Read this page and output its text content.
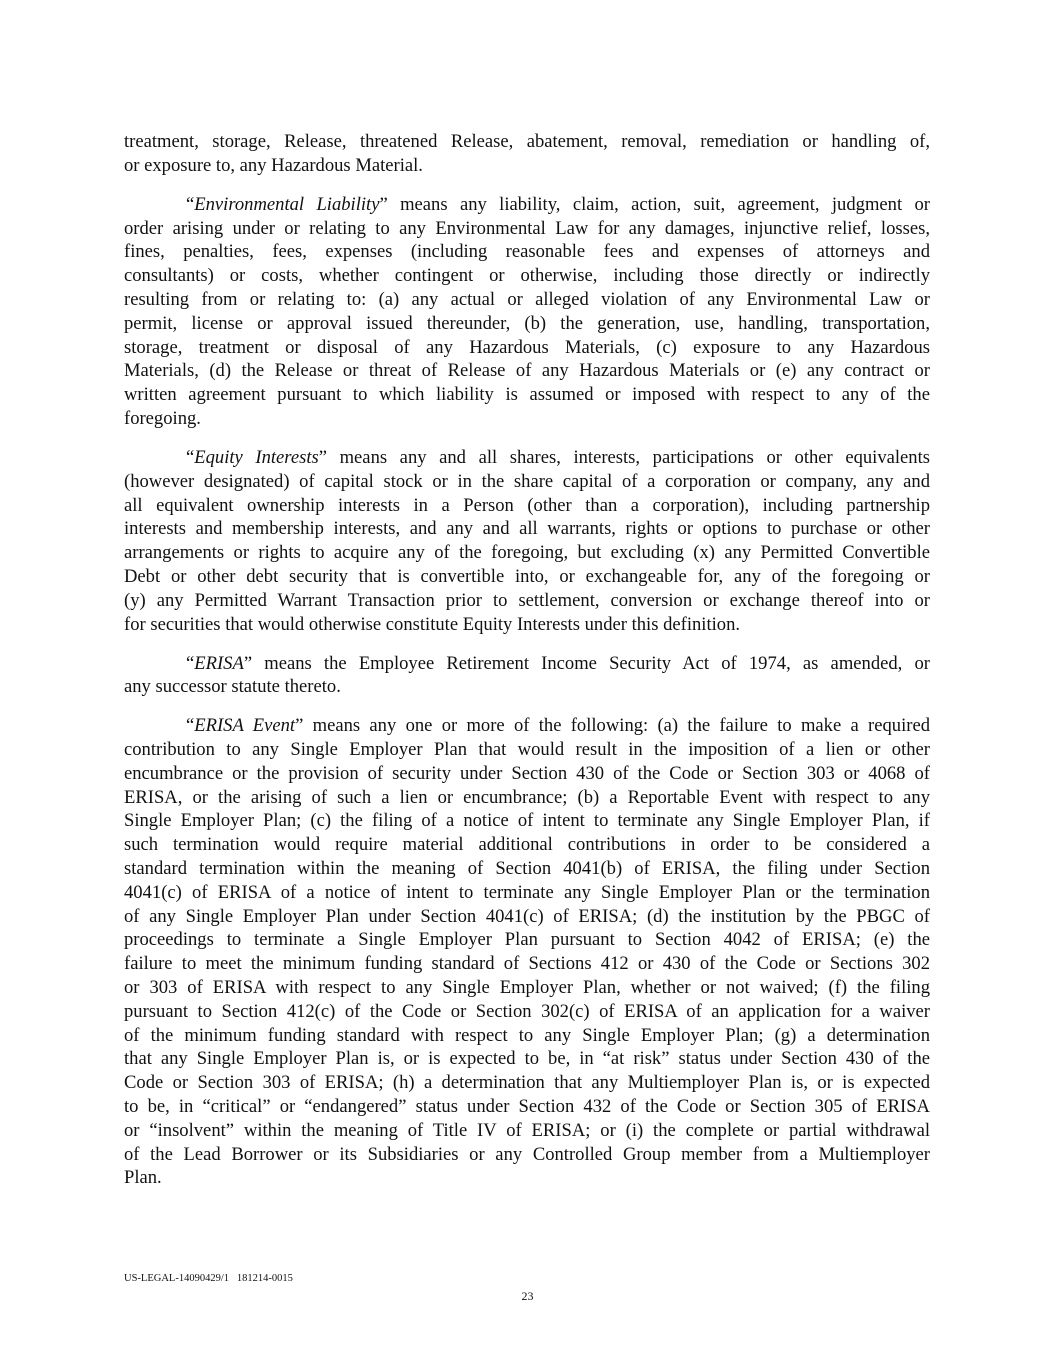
treatment, storage, Release, threatened Release, abatement, removal, remediation or handling of,
or exposure to, any Hazardous Material.
“Environmental Liability” means any liability, claim, action, suit, agreement, judgment or
order arising under or relating to any Environmental Law for any damages, injunctive relief, losses,
fines, penalties, fees, expenses (including reasonable fees and expenses of attorneys and
consultants) or costs, whether contingent or otherwise, including those directly or indirectly
resulting from or relating to: (a) any actual or alleged violation of any Environmental Law or
permit, license or approval issued thereunder, (b) the generation, use, handling, transportation,
storage, treatment or disposal of any Hazardous Materials, (c) exposure to any Hazardous
Materials, (d) the Release or threat of Release of any Hazardous Materials or (e) any contract or
written agreement pursuant to which liability is assumed or imposed with respect to any of the
foregoing.
“Equity Interests” means any and all shares, interests, participations or other equivalents
(however designated) of capital stock or in the share capital of a corporation or company, any and
all equivalent ownership interests in a Person (other than a corporation), including partnership
interests and membership interests, and any and all warrants, rights or options to purchase or other
arrangements or rights to acquire any of the foregoing, but excluding (x) any Permitted Convertible
Debt or other debt security that is convertible into, or exchangeable for, any of the foregoing or
(y) any Permitted Warrant Transaction prior to settlement, conversion or exchange thereof into or
for securities that would otherwise constitute Equity Interests under this definition.
“ERISA” means the Employee Retirement Income Security Act of 1974, as amended, or
any successor statute thereto.
“ERISA Event” means any one or more of the following: (a) the failure to make a required
contribution to any Single Employer Plan that would result in the imposition of a lien or other
encumbrance or the provision of security under Section 430 of the Code or Section 303 or 4068 of
ERISA, or the arising of such a lien or encumbrance; (b) a Reportable Event with respect to any
Single Employer Plan; (c) the filing of a notice of intent to terminate any Single Employer Plan, if
such termination would require material additional contributions in order to be considered a
standard termination within the meaning of Section 4041(b) of ERISA, the filing under Section
4041(c) of ERISA of a notice of intent to terminate any Single Employer Plan or the termination
of any Single Employer Plan under Section 4041(c) of ERISA; (d) the institution by the PBGC of
proceedings to terminate a Single Employer Plan pursuant to Section 4042 of ERISA; (e) the
failure to meet the minimum funding standard of Sections 412 or 430 of the Code or Sections 302
or 303 of ERISA with respect to any Single Employer Plan, whether or not waived; (f) the filing
pursuant to Section 412(c) of the Code or Section 302(c) of ERISA of an application for a waiver
of the minimum funding standard with respect to any Single Employer Plan; (g) a determination
that any Single Employer Plan is, or is expected to be, in “at risk” status under Section 430 of the
Code or Section 303 of ERISA; (h) a determination that any Multiemployer Plan is, or is expected
to be, in “critical” or “endangered” status under Section 432 of the Code or Section 305 of ERISA
or “insolvent” within the meaning of Title IV of ERISA; or (i) the complete or partial withdrawal
of the Lead Borrower or its Subsidiaries or any Controlled Group member from a Multiemployer
Plan.
US-LEGAL-14090429/1   181214-0015
23
